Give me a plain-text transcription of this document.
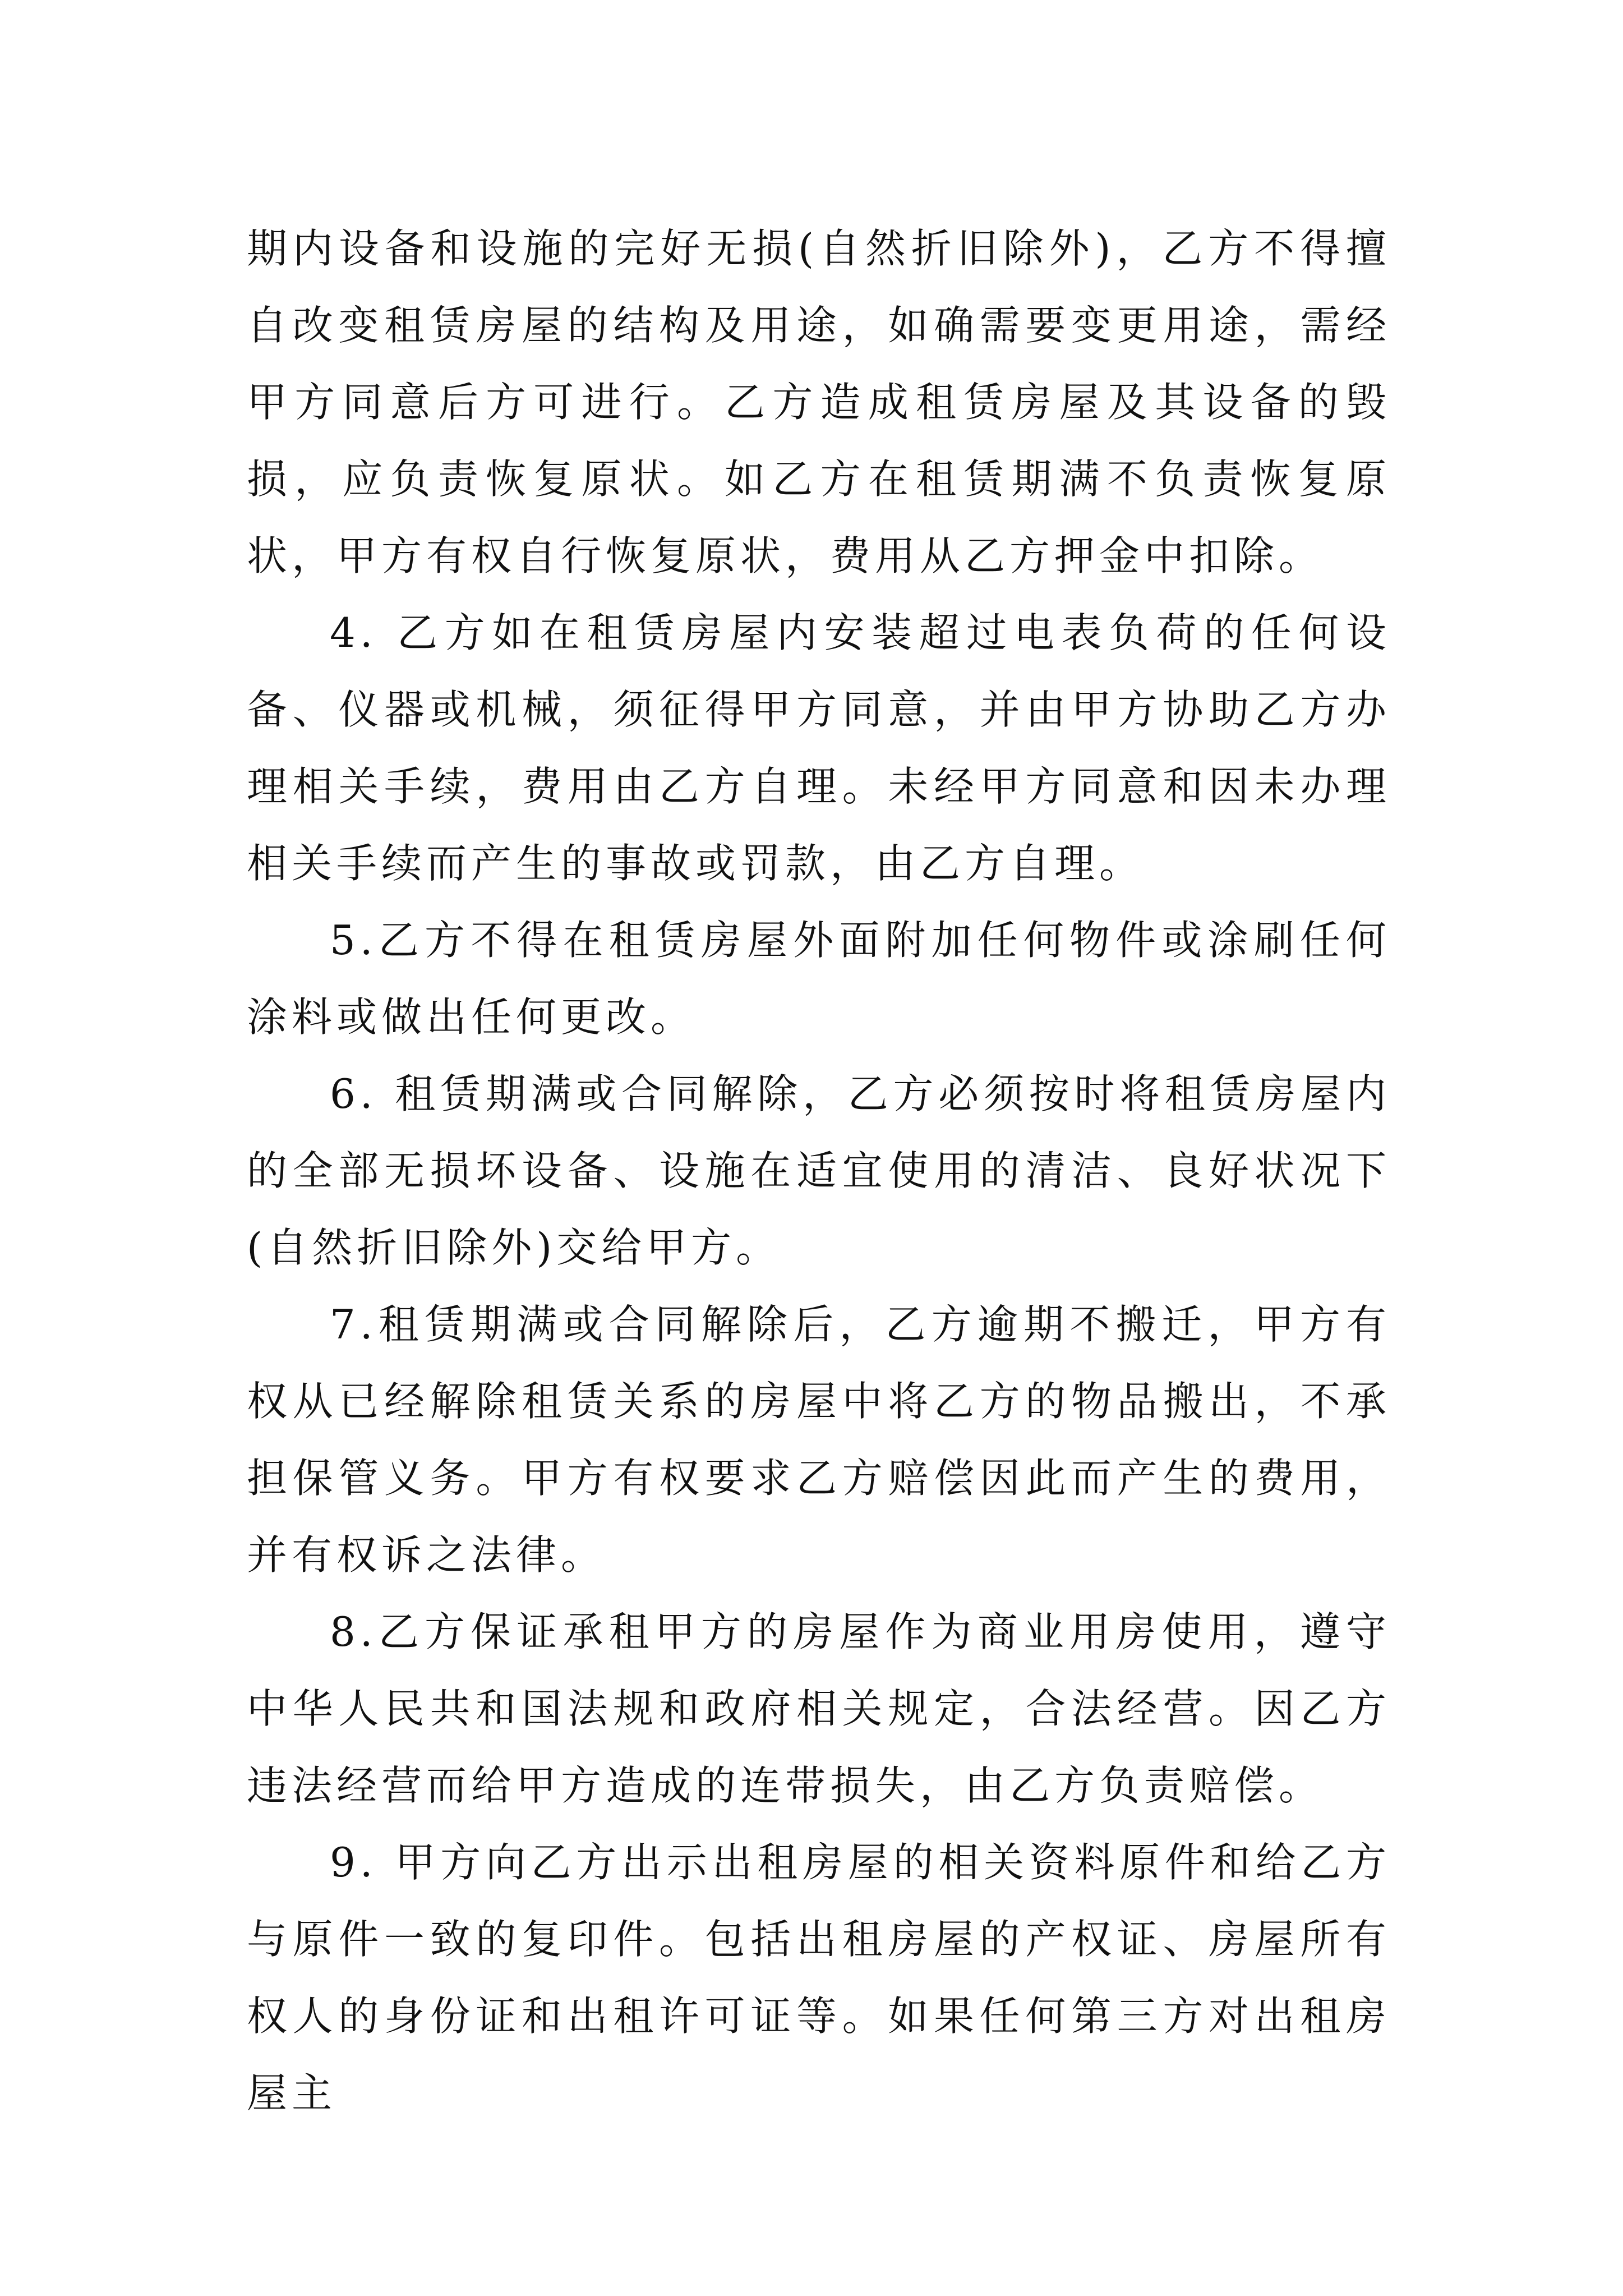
期内设备和设施的完好无损(自然折旧除外)，乙方不得擅自改变租赁房屋的结构及用途，如确需要变更用途，需经甲方同意后方可进行。乙方造成租赁房屋及其设备的毁损，应负责恢复原状。如乙方在租赁期满不负责恢复原状，甲方有权自行恢复原状，费用从乙方押金中扣除。

4. 乙方如在租赁房屋内安装超过电表负荷的任何设备、仪器或机械，须征得甲方同意，并由甲方协助乙方办理相关手续，费用由乙方自理。未经甲方同意和因未办理相关手续而产生的事故或罚款，由乙方自理。

5.乙方不得在租赁房屋外面附加任何物件或涂刷任何涂料或做出任何更改。

6. 租赁期满或合同解除，乙方必须按时将租赁房屋内的全部无损坏设备、设施在适宜使用的清洁、良好状况下(自然折旧除外)交给甲方。

7.租赁期满或合同解除后，乙方逾期不搬迁，甲方有权从已经解除租赁关系的房屋中将乙方的物品搬出，不承担保管义务。甲方有权要求乙方赔偿因此而产生的费用，并有权诉之法律。

8.乙方保证承租甲方的房屋作为商业用房使用，遵守中华人民共和国法规和政府相关规定，合法经营。因乙方违法经营而给甲方造成的连带损失，由乙方负责赔偿。

9. 甲方向乙方出示出租房屋的相关资料原件和给乙方与原件一致的复印件。包括出租房屋的产权证、房屋所有权人的身份证和出租许可证等。如果任何第三方对出租房屋主
